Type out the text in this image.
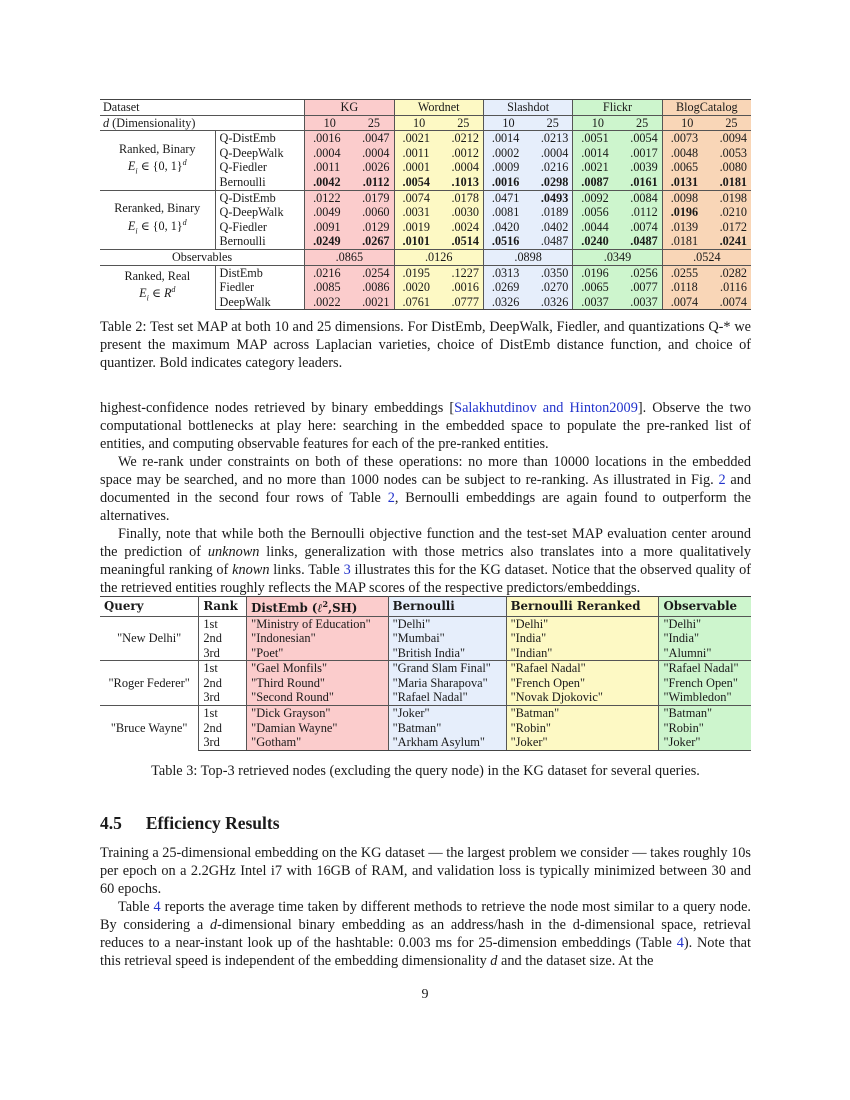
Dataset		KG		Wordnet		Slashdot		Flickr		BlogCatalog	
d (Dimensionality)		10	25	10	25	10	25	10	25	10	25

Ranked, Binary
$E_i$ ∈ {0, 1}$^d$	Q-DistEmb	.0016	.0047	.0021	.0212	.0014	.0213	.0051	.0054	.0073	.0094
	Q-DeepWalk	.0004	.0004	.0011	.0012	.0002	.0004	.0014	.0017	.0048	.0053
	Q-Fiedler	.0011	.0026	.0001	.0004	.0009	.0216	.0021	.0039	.0065	.0080
	Bernoulli	.0042	.0112	.0054	.1013	.0016	.0298	.0087	.0161	.0131	.0181

Reranked, Binary
$E_i$ ∈ {0, 1}$^d$	Q-DistEmb	.0122	.0179	.0074	.0178	.0471	.0493	.0092	.0084	.0098	.0198
	Q-DeepWalk	.0049	.0060	.0031	.0030	.0081	.0189	.0056	.0112	.0196	.0210
	Q-Fiedler	.0091	.0129	.0019	.0024	.0420	.0402	.0044	.0074	.0139	.0172
	Bernoulli	.0249	.0267	.0101	.0514	.0516	.0487	.0240	.0487	.0181	.0241
Observables		.0865		.0126		.0898		.0349		.0524	

Ranked, Real
$E_i$ ∈ $R^d$	DistEmb	.0216	.0254	.0195	.1227	.0313	.0350	.0196	.0256	.0255	.0282
	Fiedler	.0085	.0086	.0020	.0016	.0269	.0270	.0065	.0077	.0118	.0116
	DeepWalk	.0022	.0021	.0761	.0777	.0326	.0326	.0037	.0037	.0074	.0074
Table 2: Test set MAP at both 10 and 25 dimensions. For DistEmb, DeepWalk, Fiedler, and quantizations Q-* we present the maximum MAP across Laplacian varieties, choice of DistEmb distance function, and choice of quantizer. Bold indicates category leaders.

highest-confidence nodes retrieved by binary embeddings [Salakhutdinov and Hinton2009]. Observe the two computational bottlenecks at play here: searching in the embedded space to populate the pre-ranked list of entities, and computing observable features for each of the pre-ranked entities.

We re-rank under constraints on both of these operations: no more than 10000 locations in the embedded space may be searched, and no more than 1000 nodes can be subject to re-ranking. As illustrated in Fig. 2 and documented in the second four rows of Table 2, Bernoulli embeddings are again found to outperform the alternatives.

Finally, note that while both the Bernoulli objective function and the test-set MAP evaluation center around the prediction of unknown links, generalization with those metrics also translates into a more qualitatively meaningful ranking of known links. Table 3 illustrates this for the KG dataset. Notice that the observed quality of the retrieved entities roughly reflects the MAP scores of the respective predictors/embeddings.

Query	Rank	DistEmb (ℓ$^2$,SH)	Bernoulli	Bernoulli Reranked	Observable
"New Delhi"	1st	"Ministry of Education"	"Delhi"	"Delhi"	"Delhi"
	2nd	"Indonesian"	"Mumbai"	"India"	"India"
	3rd	"Poet"	"British India"	"Indian"	"Alumni"
"Roger Federer"	1st	"Gael Monfils"	"Grand Slam Final"	"Rafael Nadal"	"Rafael Nadal"
	2nd	"Third Round"	"Maria Sharapova"	"French Open"	"French Open"
	3rd	"Second Round"	"Rafael Nadal"	"Novak Djokovic"	"Wimbledon"
"Bruce Wayne"	1st	"Dick Grayson"	"Joker"	"Batman"	"Batman"
	2nd	"Damian Wayne"	"Batman"	"Robin"	"Robin"
	3rd	"Gotham"	"Arkham Asylum"	"Joker"	"Joker"
Table 3: Top-3 retrieved nodes (excluding the query node) in the KG dataset for several queries.
4.5 Efficiency Results

Training a 25-dimensional embedding on the KG dataset — the largest problem we consider — takes roughly 10s per epoch on a 2.2GHz Intel i7 with 16GB of RAM, and validation loss is typically minimized between 30 and 60 epochs.

Table 4 reports the average time taken by different methods to retrieve the node most similar to a query node. By considering a d-dimensional binary embedding as an address/hash in the d-dimensional space, retrieval reduces to a near-instant look up of the hashtable: 0.003 ms for 25-dimension embeddings (Table 4). Note that this retrieval speed is independent of the embedding dimensionality d and the dataset size. At the

9
